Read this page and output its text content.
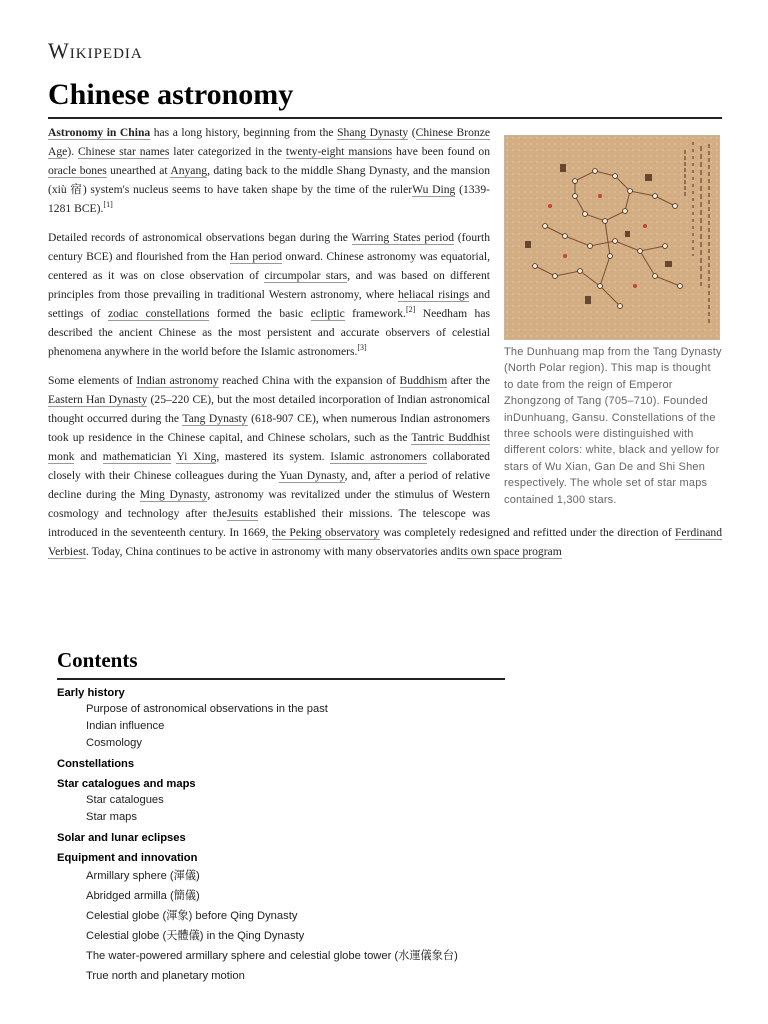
Wikipedia
Chinese astronomy
The Dunhuang map from the Tang Dynasty (North Polar region). This map is thought to date from the reign of Emperor Zhongzong of Tang (705–710). Founded inDunhuang, Gansu. Constellations of the three schools were distinguished with different colors: white, black and yellow for stars of Wu Xian, Gan De and Shi Shen respectively. The whole set of star maps contained 1,300 stars.

Astronomy in China has a long history, beginning from the Shang Dynasty (Chinese Bronze Age). Chinese star names later categorized in the twenty-eight mansions have been found on oracle bones unearthed at Anyang, dating back to the middle Shang Dynasty, and the mansion (xiù 宿) system's nucleus seems to have taken shape by the time of the rulerWu Ding (1339-1281 BCE).[1]

Detailed records of astronomical observations began during the Warring States period (fourth century BCE) and flourished from the Han period onward. Chinese astronomy was equatorial, centered as it was on close observation of circumpolar stars, and was based on different principles from those prevailing in traditional Western astronomy, where heliacal risings and settings of zodiac constellations formed the basic ecliptic framework.[2] Needham has described the ancient Chinese as the most persistent and accurate observers of celestial phenomena anywhere in the world before the Islamic astronomers.[3]

Some elements of Indian astronomy reached China with the expansion of Buddhism after the Eastern Han Dynasty (25–220 CE), but the most detailed incorporation of Indian astronomical thought occurred during the Tang Dynasty (618-907 CE), when numerous Indian astronomers took up residence in the Chinese capital, and Chinese scholars, such as the Tantric Buddhist monk and mathematician Yi Xing, mastered its system. Islamic astronomers collaborated closely with their Chinese colleagues during the Yuan Dynasty, and, after a period of relative decline during the Ming Dynasty, astronomy was revitalized under the stimulus of Western cosmology and technology after theJesuits established their missions. The telescope was introduced in the seventeenth century. In 1669, the Peking observatory was completely redesigned and refitted under the direction of Ferdinand Verbiest. Today, China continues to be active in astronomy with many observatories andits own space program

Contents
Early history
Purpose of astronomical observations in the past
Indian influence
Cosmology
Constellations
Star catalogues and maps
Star catalogues
Star maps
Solar and lunar eclipses
Equipment and innovation
Armillary sphere (渾儀)
Abridged armilla (簡儀)
Celestial globe (渾象) before Qing Dynasty
Celestial globe (天體儀) in the Qing Dynasty
The water-powered armillary sphere and celestial globe tower (水運儀象台)
True north and planetary motion
